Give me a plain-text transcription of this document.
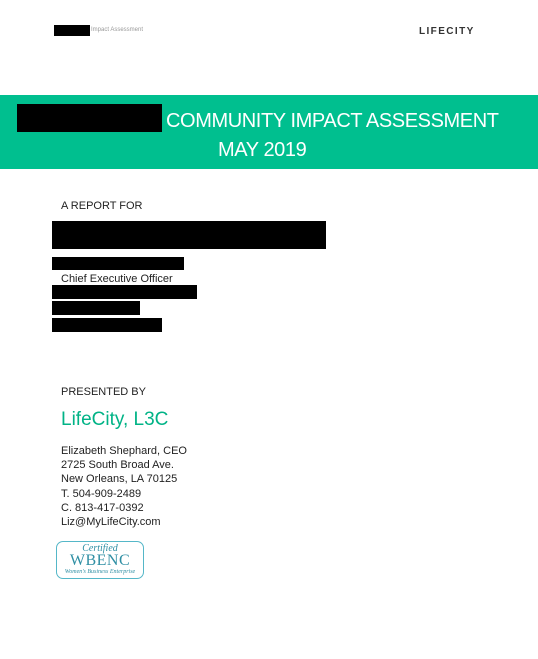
Impact Assessment	LIFECITY
COMMUNITY IMPACT ASSESSMENT
MAY 2019
A REPORT FOR
Chief Executive Officer
PRESENTED BY
LifeCity, L3C
Elizabeth Shephard, CEO
2725 South Broad Ave.
New Orleans, LA 70125
T. 504-909-2489
C. 813-417-0392
Liz@MyLifeCity.com
Certified
WBENC
Women's Business Enterprise
